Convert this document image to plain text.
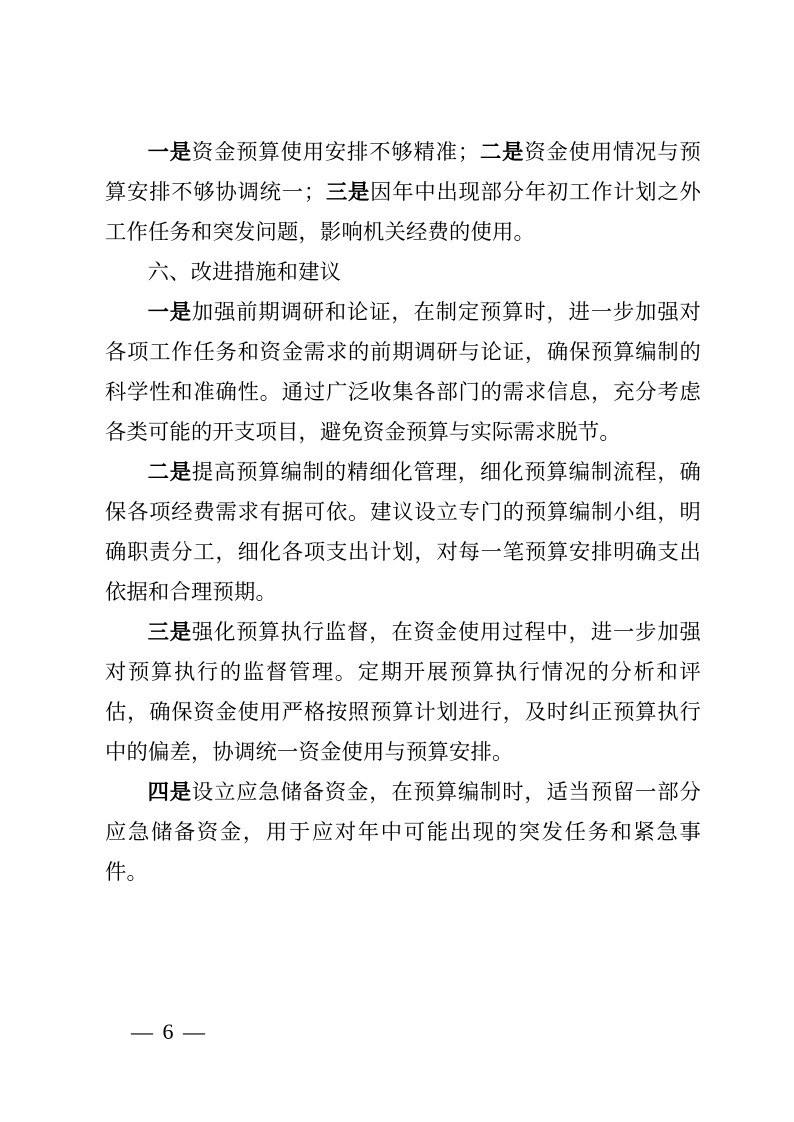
一是资金预算使用安排不够精准；二是资金使用情况与预算安排不够协调统一；三是因年中出现部分年初工作计划之外工作任务和突发问题，影响机关经费的使用。

六、改进措施和建议

一是加强前期调研和论证，在制定预算时，进一步加强对各项工作任务和资金需求的前期调研与论证，确保预算编制的科学性和准确性。通过广泛收集各部门的需求信息，充分考虑各类可能的开支项目，避免资金预算与实际需求脱节。

二是提高预算编制的精细化管理，细化预算编制流程，确保各项经费需求有据可依。建议设立专门的预算编制小组，明确职责分工，细化各项支出计划，对每一笔预算安排明确支出依据和合理预期。

三是强化预算执行监督，在资金使用过程中，进一步加强对预算执行的监督管理。定期开展预算执行情况的分析和评估，确保资金使用严格按照预算计划进行，及时纠正预算执行中的偏差，协调统一资金使用与预算安排。

四是设立应急储备资金，在预算编制时，适当预留一部分应急储备资金，用于应对年中可能出现的突发任务和紧急事件。

— 6 —
